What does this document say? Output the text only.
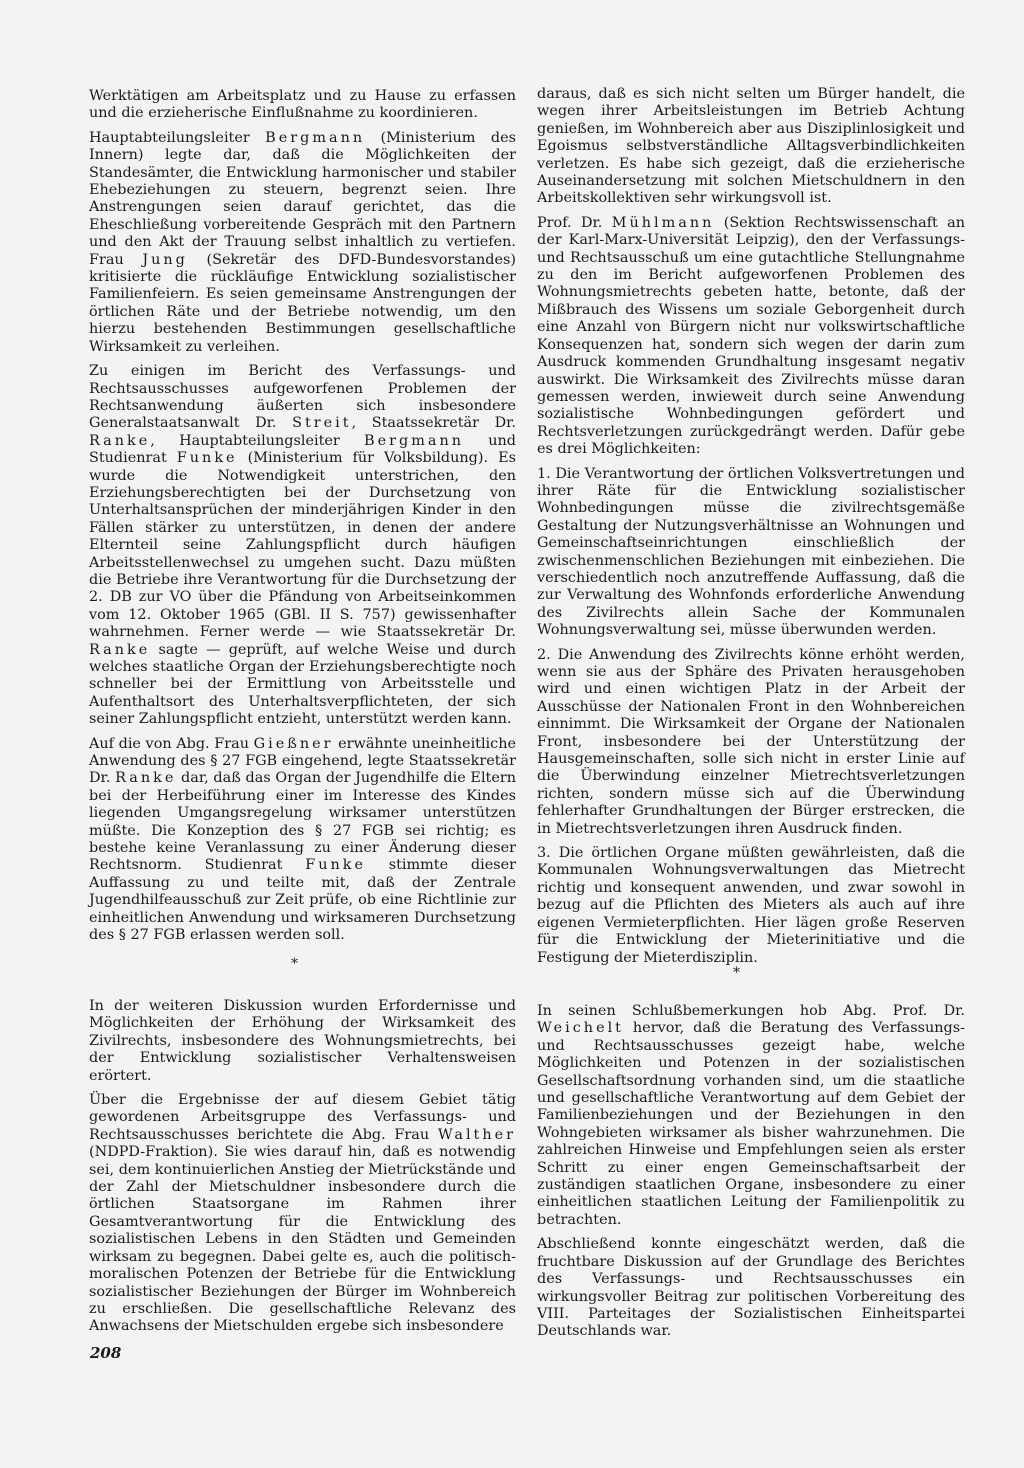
Werktätigen am Arbeitsplatz und zu Hause zu erfassen und die erzieherische Einflußnahme zu koordinieren.

Hauptabteilungsleiter Bergmann (Ministerium des Innern) legte dar, daß die Möglichkeiten der Standesämter, die Entwicklung harmonischer und stabiler Ehebeziehungen zu steuern, begrenzt seien. Ihre Anstrengungen seien darauf gerichtet, das die Eheschließung vorbereitende Gespräch mit den Partnern und den Akt der Trauung selbst inhaltlich zu vertiefen. Frau Jung (Sekretär des DFD-Bundesvorstandes) kritisierte die rückläufige Entwicklung sozialistischer Familienfeiern. Es seien gemeinsame Anstrengungen der örtlichen Räte und der Betriebe notwendig, um den hierzu bestehenden Bestimmungen gesellschaftliche Wirksamkeit zu verleihen.

Zu einigen im Bericht des Verfassungs- und Rechtsausschusses aufgeworfenen Problemen der Rechtsanwendung äußerten sich insbesondere Generalstaatsanwalt Dr. Streit, Staatssekretär Dr. Ranke, Hauptabteilungsleiter Bergmann und Studienrat Funke (Ministerium für Volksbildung). Es wurde die Notwendigkeit unterstrichen, den Erziehungsberechtigten bei der Durchsetzung von Unterhaltsansprüchen der minderjährigen Kinder in den Fällen stärker zu unterstützen, in denen der andere Elternteil seine Zahlungspflicht durch häufigen Arbeitsstellenwechsel zu umgehen sucht. Dazu müßten die Betriebe ihre Verantwortung für die Durchsetzung der 2. DB zur VO über die Pfändung von Arbeitseinkommen vom 12. Oktober 1965 (GBl. II S. 757) gewissenhafter wahrnehmen. Ferner werde — wie Staatssekretär Dr. Ranke sagte — geprüft, auf welche Weise und durch welches staatliche Organ der Erziehungsberechtigte noch schneller bei der Ermittlung von Arbeitsstelle und Aufenthaltsort des Unterhaltsverpflichteten, der sich seiner Zahlungspflicht entzieht, unterstützt werden kann.

Auf die von Abg. Frau Gießner erwähnte uneinheitliche Anwendung des § 27 FGB eingehend, legte Staatssekretär Dr. Ranke dar, daß das Organ der Jugendhilfe die Eltern bei der Herbeiführung einer im Interesse des Kindes liegenden Umgangsregelung wirksamer unterstützen müßte. Die Konzeption des § 27 FGB sei richtig; es bestehe keine Veranlassung zu einer Änderung dieser Rechtsnorm. Studienrat Funke stimmte dieser Auffassung zu und teilte mit, daß der Zentrale Jugendhilfeausschuß zur Zeit prüfe, ob eine Richtlinie zur einheitlichen Anwendung und wirksameren Durchsetzung des § 27 FGB erlassen werden soll.

daraus, daß es sich nicht selten um Bürger handelt, die wegen ihrer Arbeitsleistungen im Betrieb Achtung genießen, im Wohnbereich aber aus Disziplinlosigkeit und Egoismus selbstverständliche Alltagsverbindlichkeiten verletzen. Es habe sich gezeigt, daß die erzieherische Auseinandersetzung mit solchen Mietschuldnern in den Arbeitskollektiven sehr wirkungsvoll ist.

Prof. Dr. Mühlmann (Sektion Rechtswissenschaft an der Karl-Marx-Universität Leipzig), den der Verfassungs- und Rechtsausschuß um eine gutachtliche Stellungnahme zu den im Bericht aufgeworfenen Problemen des Wohnungsmietrechts gebeten hatte, betonte, daß der Mißbrauch des Wissens um soziale Geborgenheit durch eine Anzahl von Bürgern nicht nur volkswirtschaftliche Konsequenzen hat, sondern sich wegen der darin zum Ausdruck kommenden Grundhaltung insgesamt negativ auswirkt. Die Wirksamkeit des Zivilrechts müsse daran gemessen werden, inwieweit durch seine Anwendung sozialistische Wohnbedingungen gefördert und Rechtsverletzungen zurückgedrängt werden. Dafür gebe es drei Möglichkeiten:

1. Die Verantwortung der örtlichen Volksvertretungen und ihrer Räte für die Entwicklung sozialistischer Wohnbedingungen müsse die zivilrechtsgemäße Gestaltung der Nutzungsverhältnisse an Wohnungen und Gemeinschaftseinrichtungen einschließlich der zwischenmenschlichen Beziehungen mit einbeziehen. Die verschiedentlich noch anzutreffende Auffassung, daß die zur Verwaltung des Wohnfonds erforderliche Anwendung des Zivilrechts allein Sache der Kommunalen Wohnungsverwaltung sei, müsse überwunden werden.

2. Die Anwendung des Zivilrechts könne erhöht werden, wenn sie aus der Sphäre des Privaten herausgehoben wird und einen wichtigen Platz in der Arbeit der Ausschüsse der Nationalen Front in den Wohnbereichen einnimmt. Die Wirksamkeit der Organe der Nationalen Front, insbesondere bei der Unterstützung der Hausgemeinschaften, solle sich nicht in erster Linie auf die Überwindung einzelner Mietrechtsverletzungen richten, sondern müsse sich auf die Überwindung fehlerhafter Grundhaltungen der Bürger erstrecken, die in Mietrechtsverletzungen ihren Ausdruck finden.

3. Die örtlichen Organe müßten gewährleisten, daß die Kommunalen Wohnungsverwaltungen das Mietrecht richtig und konsequent anwenden, und zwar sowohl in bezug auf die Pflichten des Mieters als auch auf ihre eigenen Vermieterpflichten. Hier lägen große Reserven für die Entwicklung der Mieterinitiative und die Festigung der Mieterdisziplin.

*
*

In der weiteren Diskussion wurden Erfordernisse und Möglichkeiten der Erhöhung der Wirksamkeit des Zivilrechts, insbesondere des Wohnungsmietrechts, bei der Entwicklung sozialistischer Verhaltensweisen erörtert.

Über die Ergebnisse der auf diesem Gebiet tätig gewordenen Arbeitsgruppe des Verfassungs- und Rechtsausschusses berichtete die Abg. Frau Walther (NDPD-Fraktion). Sie wies darauf hin, daß es notwendig sei, dem kontinuierlichen Anstieg der Mietrückstände und der Zahl der Mietschuldner insbesondere durch die örtlichen Staatsorgane im Rahmen ihrer Gesamtverantwortung für die Entwicklung des sozialistischen Lebens in den Städten und Gemeinden wirksam zu begegnen. Dabei gelte es, auch die politisch-moralischen Potenzen der Betriebe für die Entwicklung sozialistischer Beziehungen der Bürger im Wohnbereich zu erschließen. Die gesellschaftliche Relevanz des Anwachsens der Mietschulden ergebe sich insbesondere

In seinen Schlußbemerkungen hob Abg. Prof. Dr. Weichelt hervor, daß die Beratung des Verfassungs- und Rechtsausschusses gezeigt habe, welche Möglichkeiten und Potenzen in der sozialistischen Gesellschaftsordnung vorhanden sind, um die staatliche und gesellschaftliche Verantwortung auf dem Gebiet der Familienbeziehungen und der Beziehungen in den Wohngebieten wirksamer als bisher wahrzunehmen. Die zahlreichen Hinweise und Empfehlungen seien als erster Schritt zu einer engen Gemeinschaftsarbeit der zuständigen staatlichen Organe, insbesondere zu einer einheitlichen staatlichen Leitung der Familienpolitik zu betrachten.

Abschließend konnte eingeschätzt werden, daß die fruchtbare Diskussion auf der Grundlage des Berichtes des Verfassungs- und Rechtsausschusses ein wirkungsvoller Beitrag zur politischen Vorbereitung des VIII. Parteitages der Sozialistischen Einheitspartei Deutschlands war.

208
